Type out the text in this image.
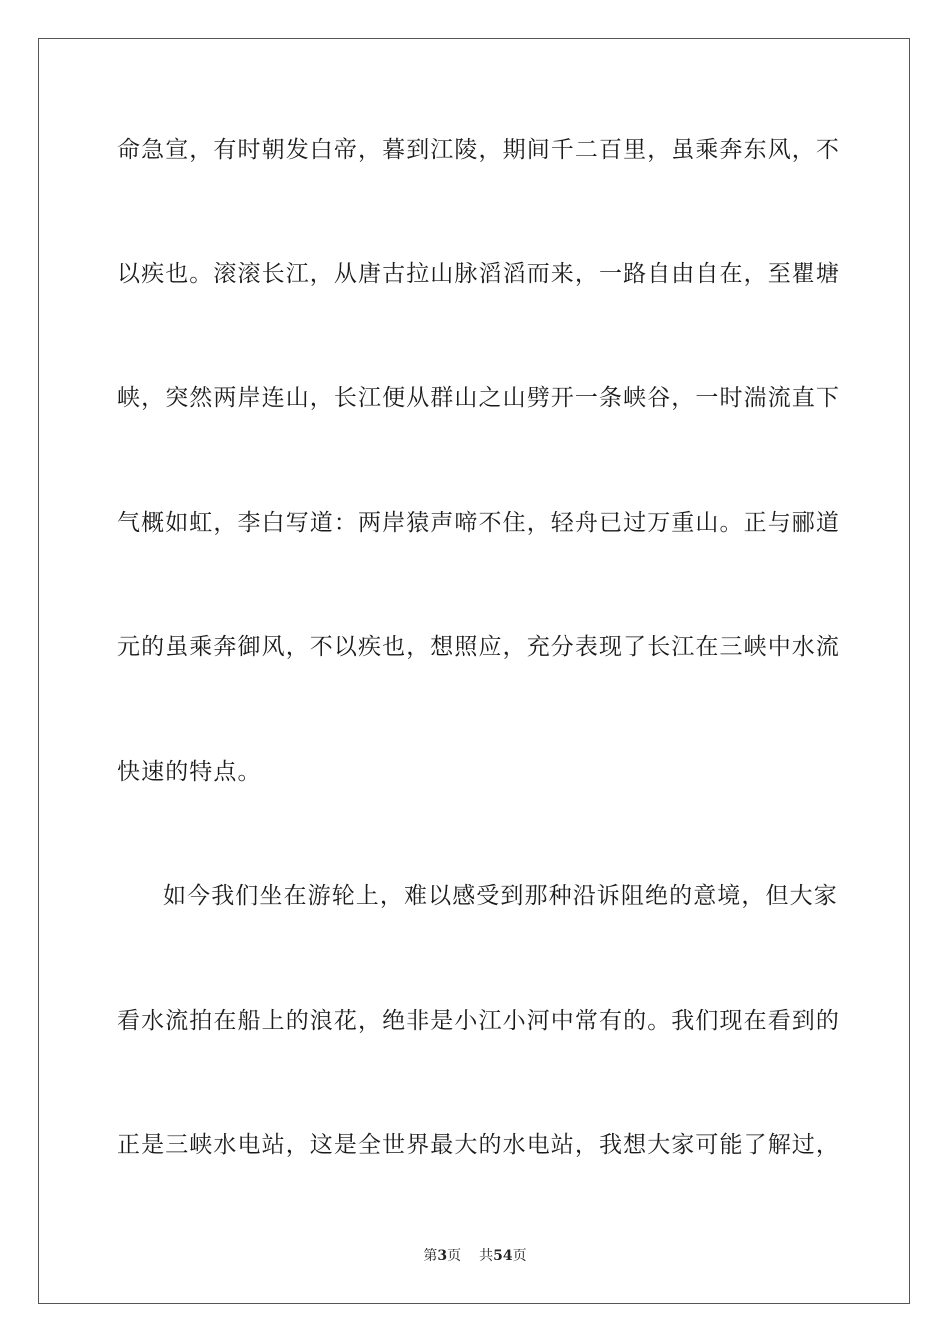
命急宣，有时朝发白帝，暮到江陵，期间千二百里，虽乘奔东风，不
以疾也。滚滚长江，从唐古拉山脉滔滔而来，一路自由自在，至瞿塘
峡，突然两岸连山，长江便从群山之山劈开一条峡谷，一时湍流直下
气概如虹，李白写道：两岸猿声啼不住，轻舟已过万重山。正与郦道
元的虽乘奔御风，不以疾也，想照应，充分表现了长江在三峡中水流
快速的特点。
如今我们坐在游轮上，难以感受到那种沿诉阻绝的意境，但大家
看水流拍在船上的浪花，绝非是小江小河中常有的。我们现在看到的
正是三峡水电站，这是全世界最大的水电站，我想大家可能了解过，
第3页 共54页
